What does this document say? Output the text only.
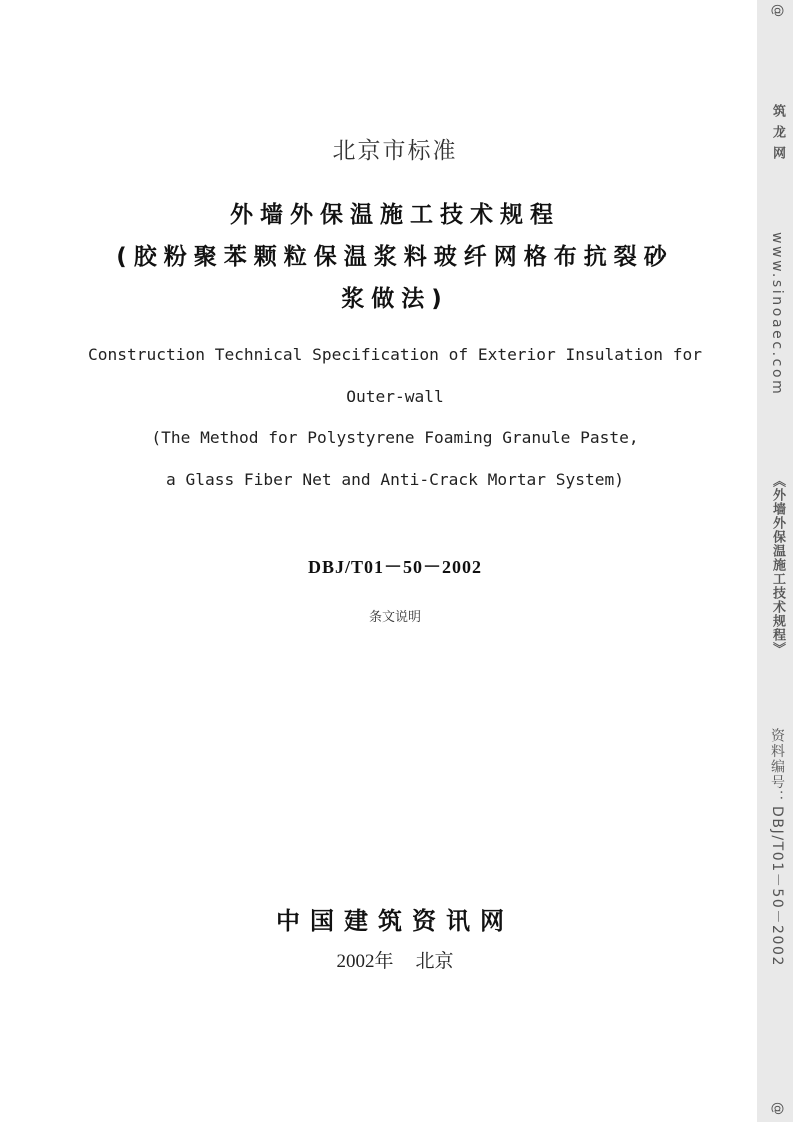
北京市标准
外墙外保温施工技术规程
(胶粉聚苯颗粒保温浆料玻纤网格布抗裂砂
浆做法)
Construction Technical Specification of Exterior Insulation for
Outer-wall
(The Method for Polystyrene Foaming Granule Paste,
a Glass Fiber Net and Anti-Crack Mortar System)
DBJ/T01－50－2002
条文说明
中国建筑资讯网
2002年 北京
@
筑龙网
www.sinoaec.com
《外墙外保温施工技术规程》
资料编号：DBJ/T01－50－2002
@
